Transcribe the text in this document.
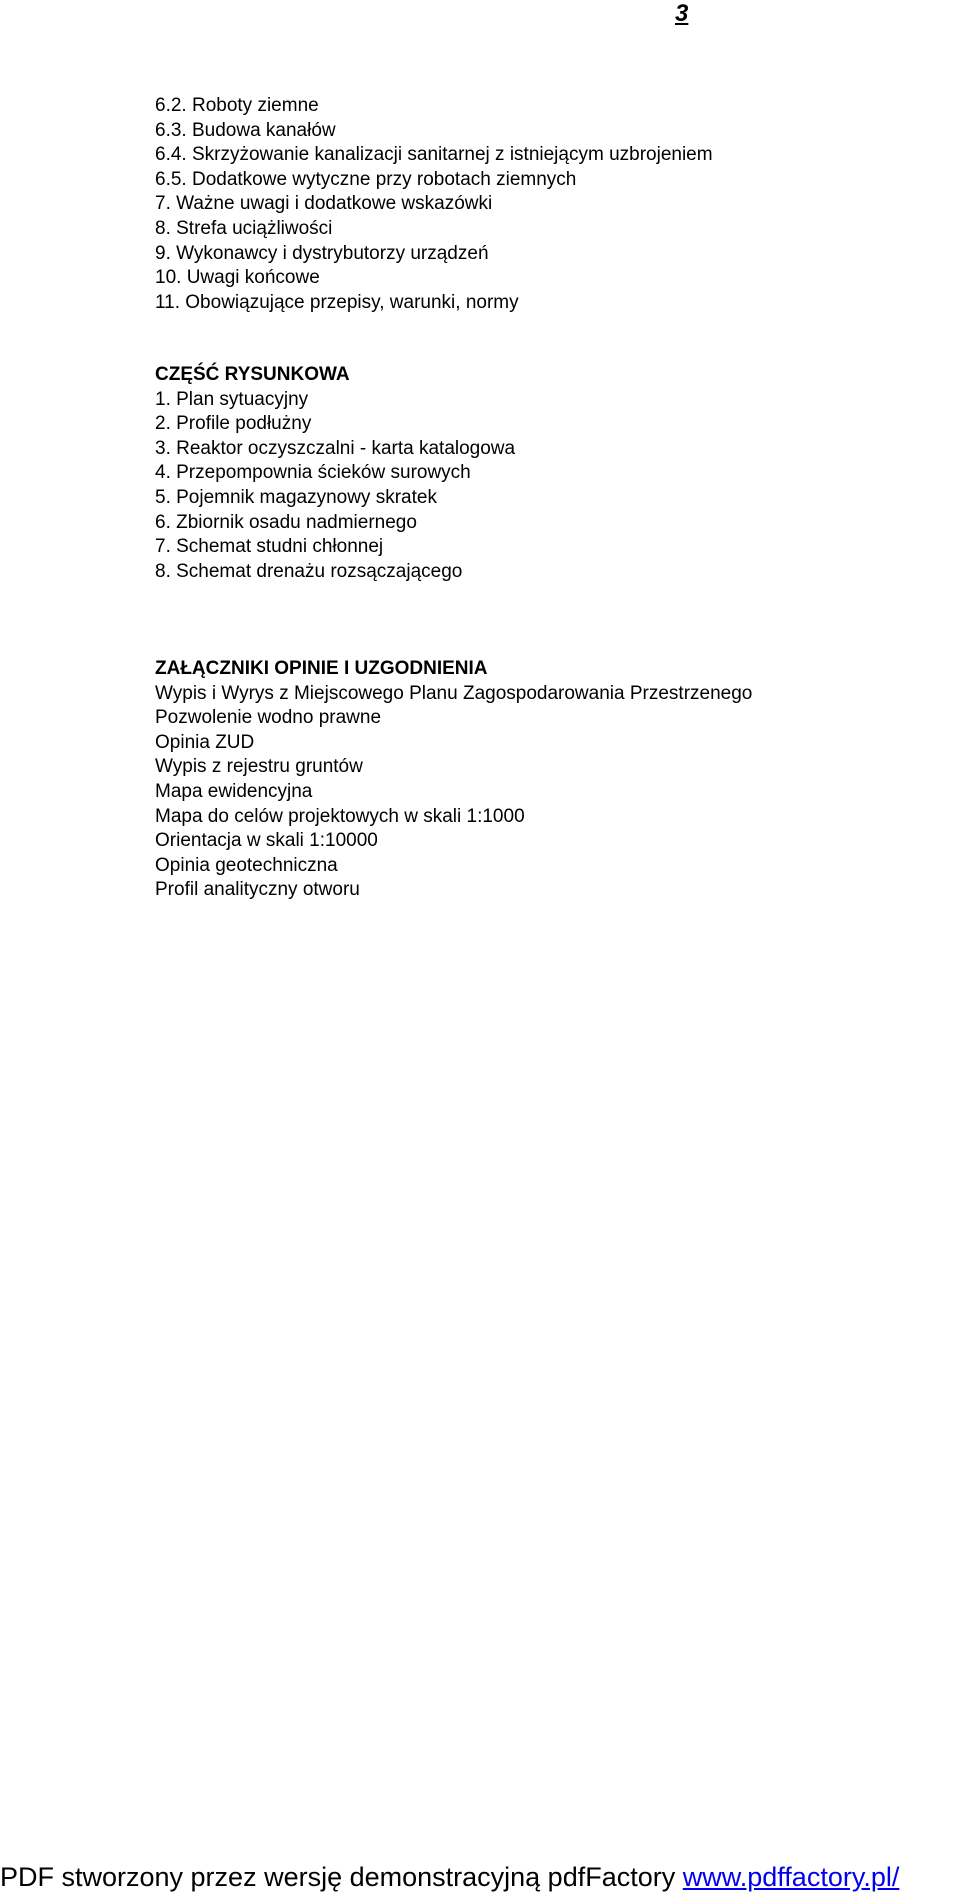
3
6.2. Roboty ziemne
6.3. Budowa kanałów
6.4. Skrzyżowanie kanalizacji sanitarnej z istniejącym uzbrojeniem
6.5. Dodatkowe wytyczne przy robotach ziemnych
7. Ważne uwagi i dodatkowe wskazówki
8. Strefa uciążliwości
9. Wykonawcy i dystrybutorzy urządzeń
10. Uwagi końcowe
11. Obowiązujące przepisy, warunki, normy
CZĘŚĆ RYSUNKOWA
1. Plan sytuacyjny
2. Profile podłużny
3. Reaktor oczyszczalni - karta katalogowa
4. Przepompownia ścieków surowych
5. Pojemnik magazynowy skratek
6. Zbiornik osadu nadmiernego
7. Schemat studni chłonnej
8. Schemat drenażu rozsączającego
ZAŁĄCZNIKI OPINIE I UZGODNIENIA
Wypis i Wyrys z Miejscowego Planu Zagospodarowania Przestrzenego
Pozwolenie wodno prawne
Opinia ZUD
Wypis z rejestru gruntów
Mapa ewidencyjna
Mapa do celów projektowych w skali 1:1000
Orientacja w skali 1:10000
Opinia geotechniczna
Profil analityczny otworu
PDF stworzony przez wersję demonstracyjną pdfFactory www.pdffactory.pl/
